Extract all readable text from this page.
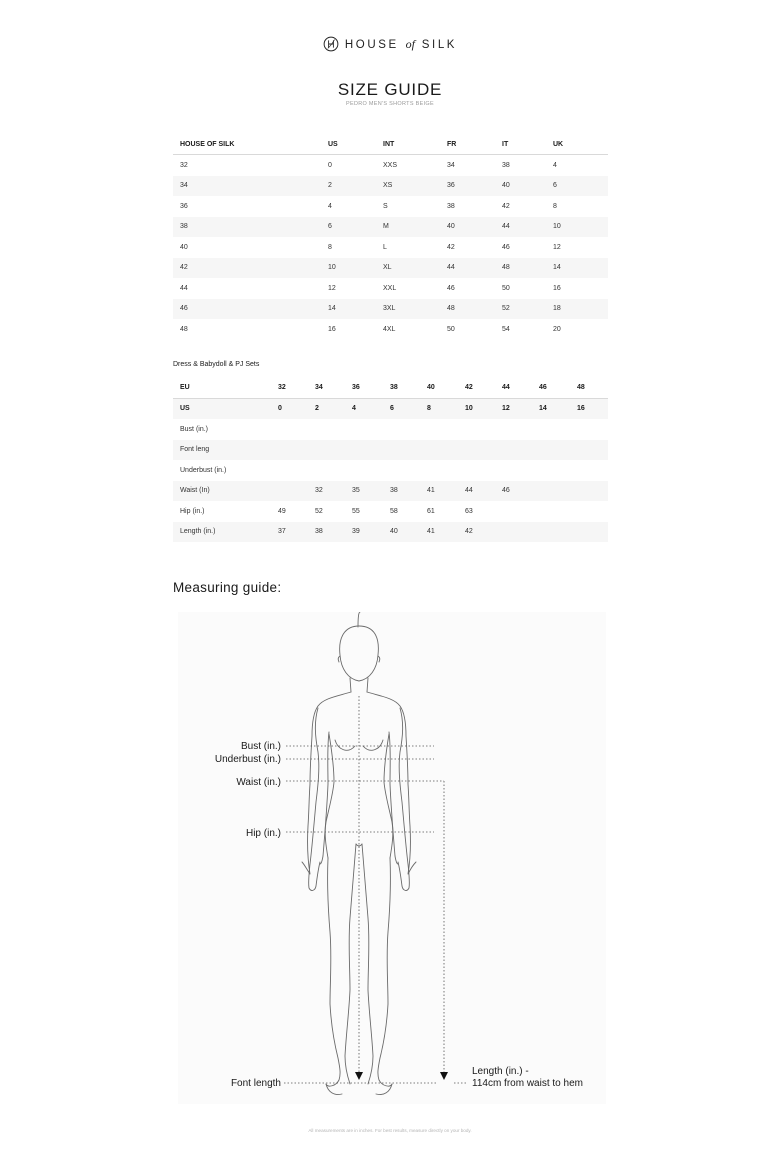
HOUSE of SILK
SIZE GUIDE
PEDRO MEN'S SHORTS BEIGE
HOUSE OF SILK	US	INT	FR	IT	UK
32	0	XXS	34	38	4
34	2	XS	36	40	6
36	4	S	38	42	8
38	6	M	40	44	10
40	8	L	42	46	12
42	10	XL	44	48	14
44	12	XXL	46	50	16
46	14	3XL	48	52	18
48	16	4XL	50	54	20
Dress & Babydoll & PJ Sets
EU	32	34	36	38	40	42	44	46	48
US	0	2	4	6	8	10	12	14	16
Bust (in.)									
Font leng									
Underbust (in.)									
Waist (In)		32	35	38	41	44	46		
Hip (in.)	49	52	55	58	61	63			
Length (in.)	37	38	39	40	41	42			
Measuring guide:
Bust (in.)
Underbust (in.)
Waist (in.)
Hip (in.)
Font length
Length (in.) -
114cm from waist to hem
All measurements are in inches. For best results, measure directly on your body.
